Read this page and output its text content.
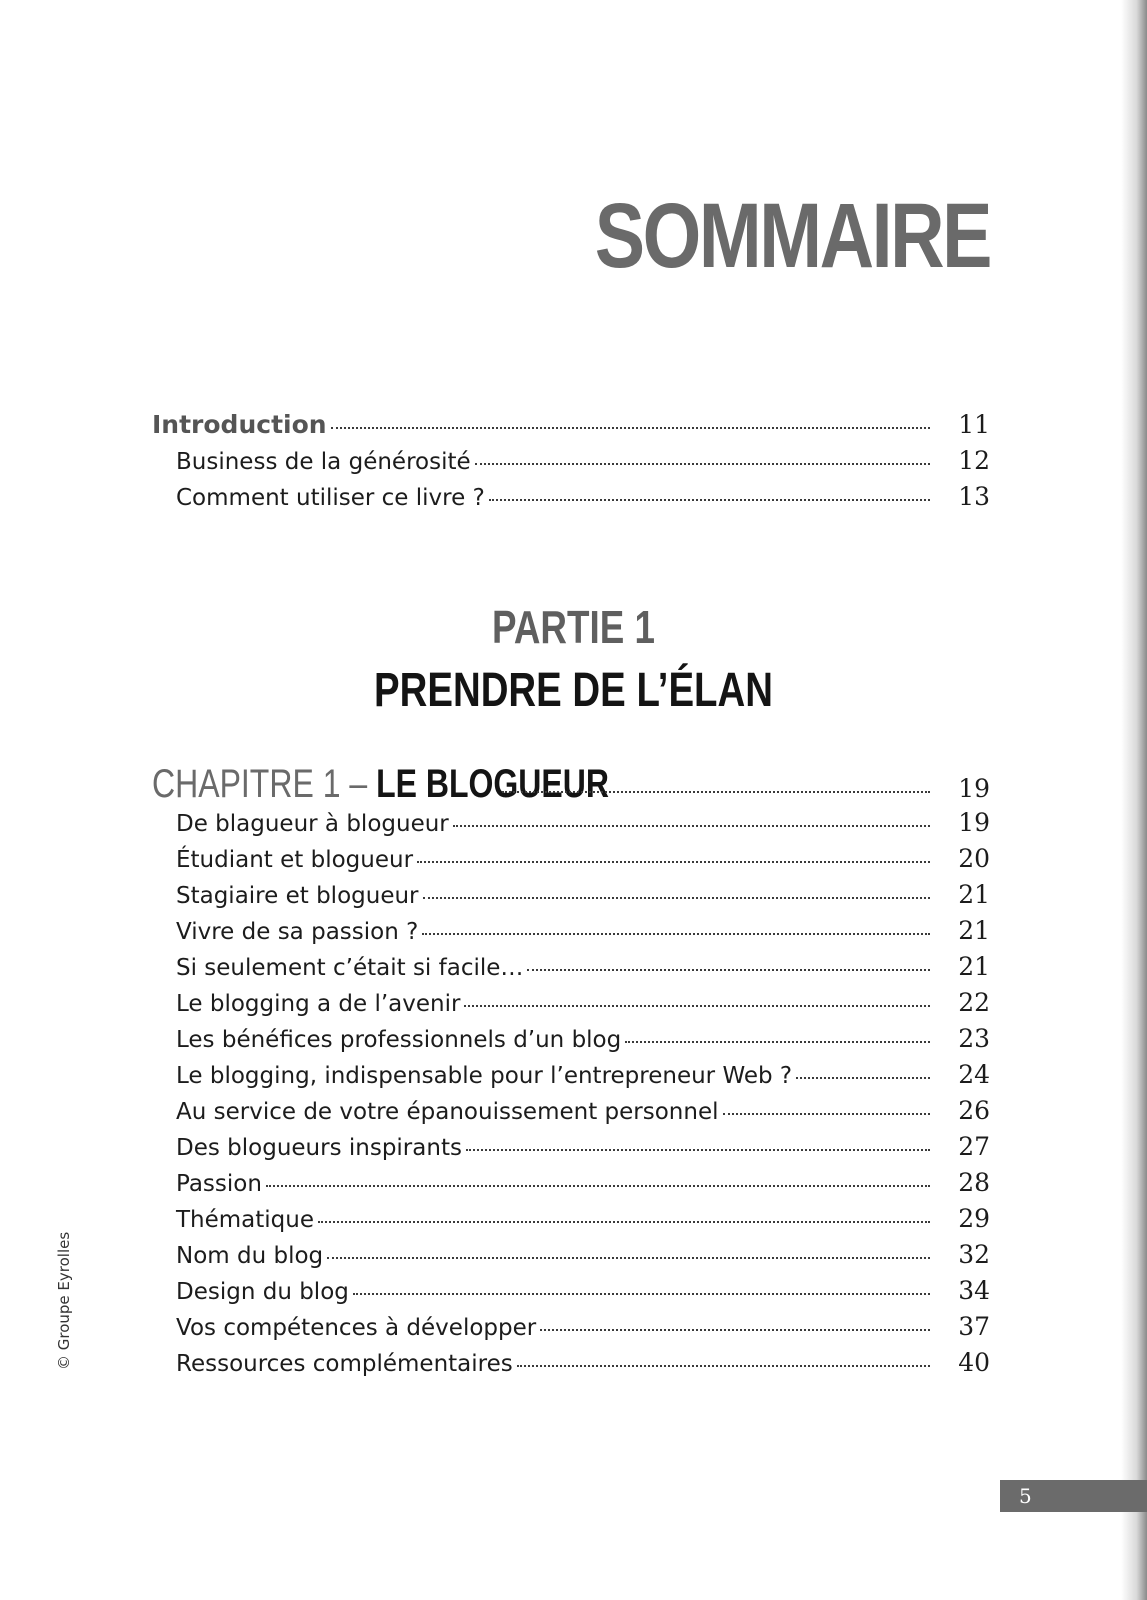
SOMMAIRE
Introduction	11
Business de la générosité	12
Comment utiliser ce livre ?	13
PARTIE 1
PRENDRE DE L’ÉLAN
CHAPITRE 1 – LE BLOGUEUR	19
De blagueur à blogueur	19
Étudiant et blogueur	20
Stagiaire et blogueur	21
Vivre de sa passion ?	21
Si seulement c’était si facile…	21
Le blogging a de l’avenir	22
Les bénéfices professionnels d’un blog	23
Le blogging, indispensable pour l’entrepreneur Web ?	24
Au service de votre épanouissement personnel	26
Des blogueurs inspirants	27
Passion	28
Thématique	29
Nom du blog	32
Design du blog	34
Vos compétences à développer	37
Ressources complémentaires	40
© Groupe Eyrolles
5
